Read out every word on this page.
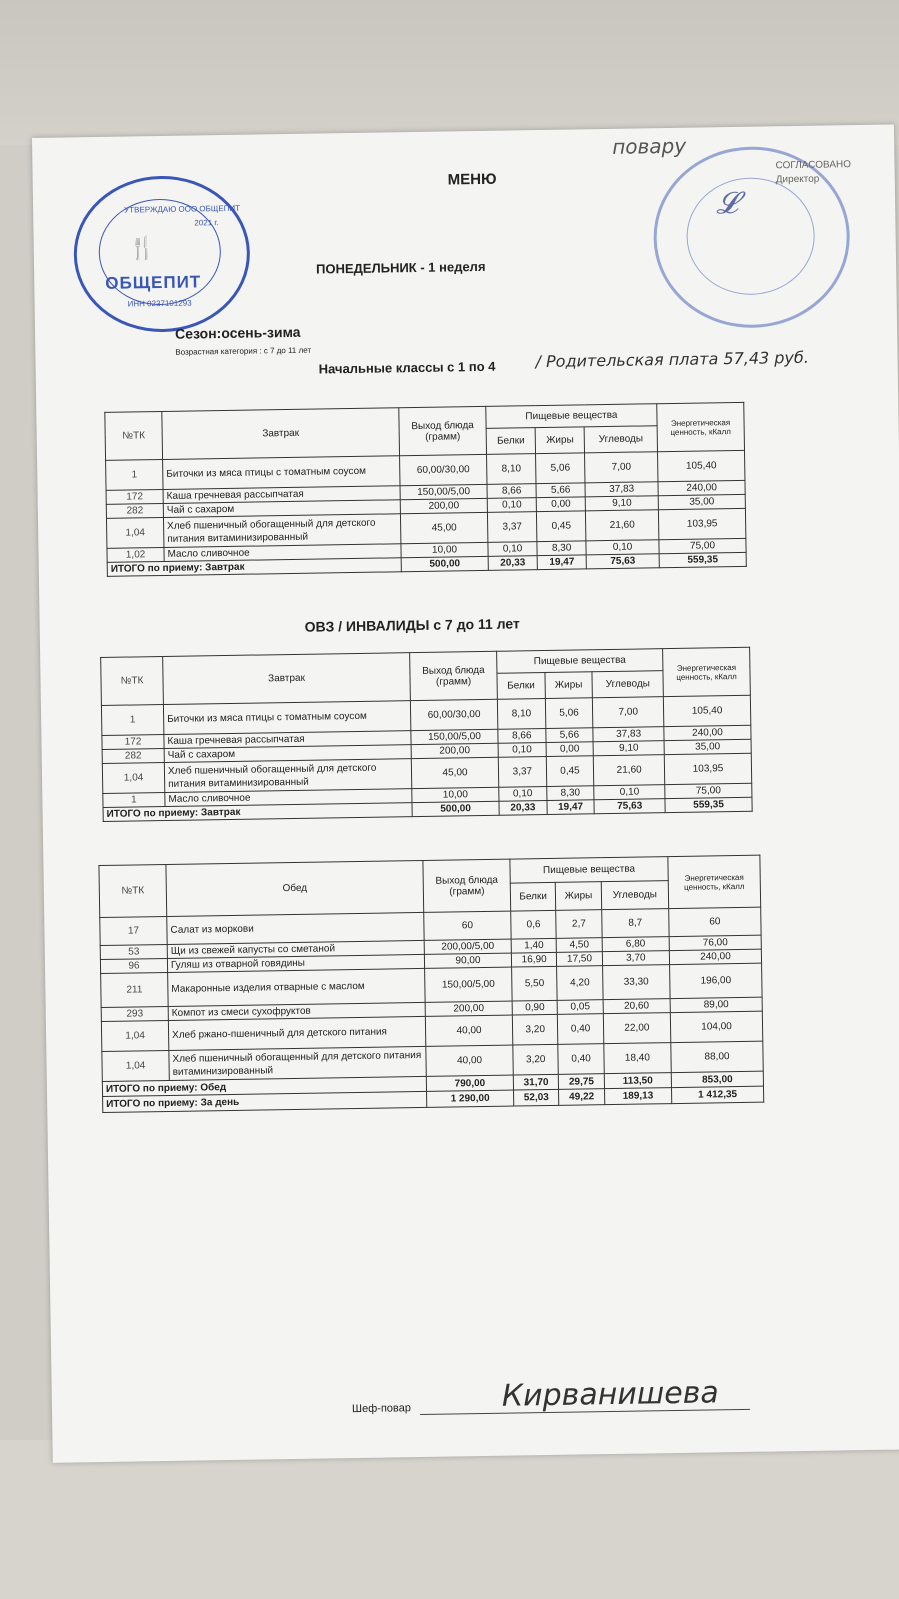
УТВЕРЖДАЮ ООО ОБЩЕПИТ
2021 г.
🍴
ОБЩЕПИТ
ИНН 0237101293
СОГЛАСОВАНО Директор
𝓛
повару
МЕНЮ
ПОНЕДЕЛЬНИК - 1 неделя
Сезон:осень-зима
Возрастная категория : с 7 до 11 лет
Начальные классы с 1 по 4 / Родительская плата 57,43 руб.
№ТК	Завтрак	Выход блюда (грамм)	Пищевые вещества			Энергетическая ценность, кКалл
			Белки	Жиры	Углеводы	
1	Биточки из мяса птицы с томатным соусом	60,00/30,00	8,10	5,06	7,00	105,40
172	Каша гречневая рассыпчатая	150,00/5,00	8,66	5,66	37,83	240,00
282	Чай с сахаром	200,00	0,10	0,00	9,10	35,00
1,04	Хлеб пшеничный обогащенный для детского питания витаминизированный	45,00	3,37	0,45	21,60	103,95
1,02	Масло сливочное	10,00	0,10	8,30	0,10	75,00
ИТОГО по приему: Завтрак		500,00	20,33	19,47	75,63	559,35
ОВЗ / ИНВАЛИДЫ с 7 до 11 лет
№ТК	Завтрак	Выход блюда (грамм)	Пищевые вещества			Энергетическая ценность, кКалл
			Белки	Жиры	Углеводы	
1	Биточки из мяса птицы с томатным соусом	60,00/30,00	8,10	5,06	7,00	105,40
172	Каша гречневая рассыпчатая	150,00/5,00	8,66	5,66	37,83	240,00
282	Чай с сахаром	200,00	0,10	0,00	9,10	35,00
1,04	Хлеб пшеничный обогащенный для детского питания витаминизированный	45,00	3,37	0,45	21,60	103,95
1	Масло сливочное	10,00	0,10	8,30	0,10	75,00
ИТОГО по приему: Завтрак		500,00	20,33	19,47	75,63	559,35
№ТК	Обед	Выход блюда (грамм)	Пищевые вещества			Энергетическая ценность, кКалл
			Белки	Жиры	Углеводы	
17	Салат из моркови	60	0,6	2,7	8,7	60
53	Щи из свежей капусты со сметаной	200,00/5,00	1,40	4,50	6,80	76,00
96	Гуляш из отварной говядины	90,00	16,90	17,50	3,70	240,00
211	Макаронные изделия отварные с маслом	150,00/5,00	5,50	4,20	33,30	196,00
293	Компот из смеси сухофруктов	200,00	0,90	0,05	20,60	89,00
1,04	Хлеб ржано-пшеничный для детского питания	40,00	3,20	0,40	22,00	104,00
1,04	Хлеб пшеничный обогащенный для детского питания витаминизированный	40,00	3,20	0,40	18,40	88,00
ИТОГО по приему: Обед		790,00	31,70	29,75	113,50	853,00
ИТОГО по приему: За день		1 290,00	52,03	49,22	189,13	1 412,35
Шеф-повар	Кирванишева
